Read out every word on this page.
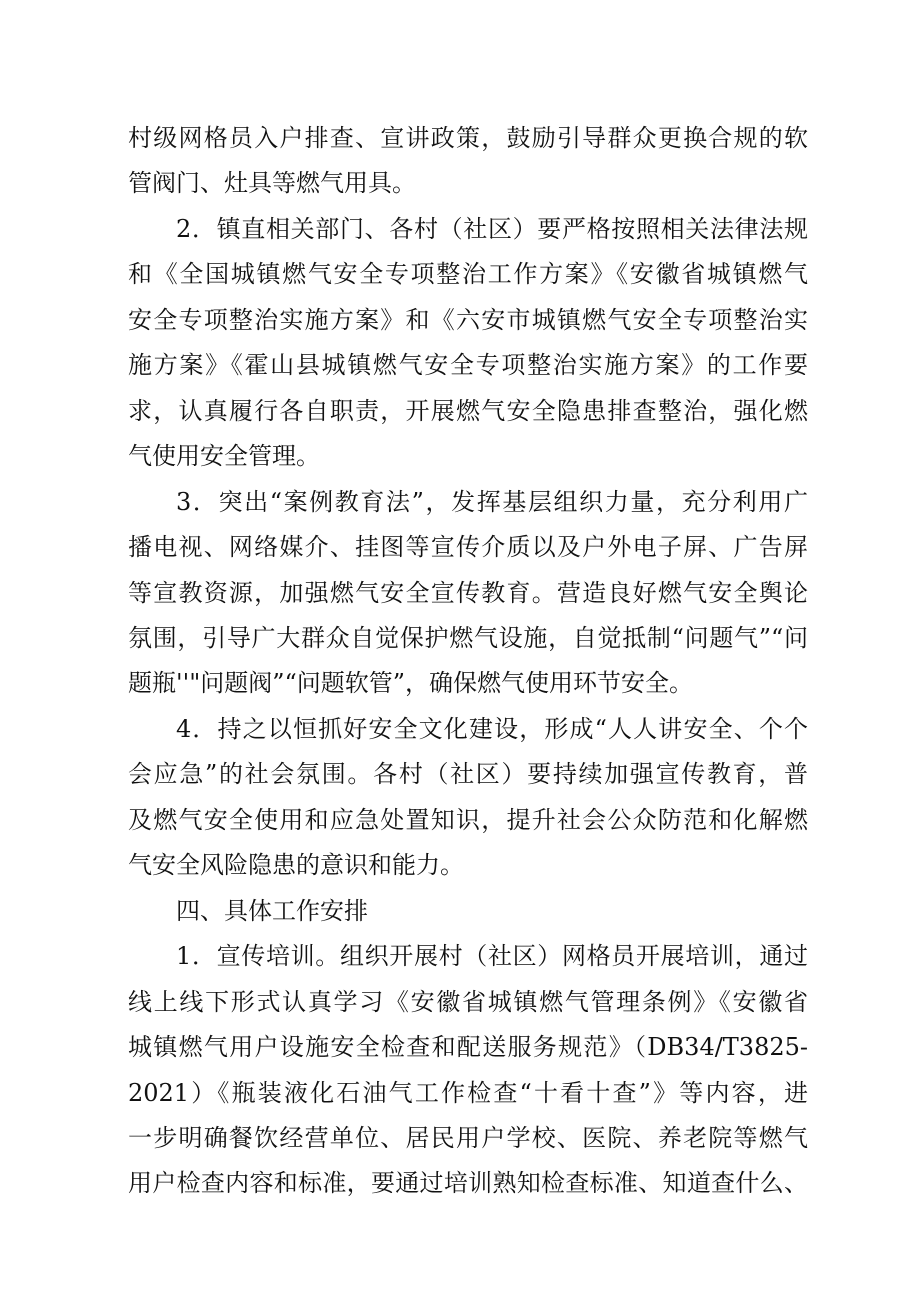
村级网格员入户排查、宣讲政策，鼓励引导群众更换合规的软
管阀门、灶具等燃气用具。
2．镇直相关部门、各村（社区）要严格按照相关法律法规
和《全国城镇燃气安全专项整治工作方案》《安徽省城镇燃气
安全专项整治实施方案》和《六安市城镇燃气安全专项整治实
施方案》《霍山县城镇燃气安全专项整治实施方案》的工作要
求，认真履行各自职责，开展燃气安全隐患排查整治，强化燃
气使用安全管理。
3．突出“案例教育法”，发挥基层组织力量，充分利用广
播电视、网络媒介、挂图等宣传介质以及户外电子屏、广告屏
等宣教资源，加强燃气安全宣传教育。营造良好燃气安全舆论
氛围，引导广大群众自觉保护燃气设施，自觉抵制“问题气”“问
题瓶''"问题阀”“问题软管”，确保燃气使用环节安全。
4．持之以恒抓好安全文化建设，形成“人人讲安全、个个
会应急”的社会氛围。各村（社区）要持续加强宣传教育，普
及燃气安全使用和应急处置知识，提升社会公众防范和化解燃
气安全风险隐患的意识和能力。
四、具体工作安排
1．宣传培训。组织开展村（社区）网格员开展培训，通过
线上线下形式认真学习《安徽省城镇燃气管理条例》《安徽省
城镇燃气用户设施安全检查和配送服务规范》（DB34/T3825-
2021）《瓶装液化石油气工作检查“十看十查”》等内容，进
一步明确餐饮经营单位、居民用户学校、医院、养老院等燃气
用户检查内容和标准，要通过培训熟知检查标准、知道查什么、
